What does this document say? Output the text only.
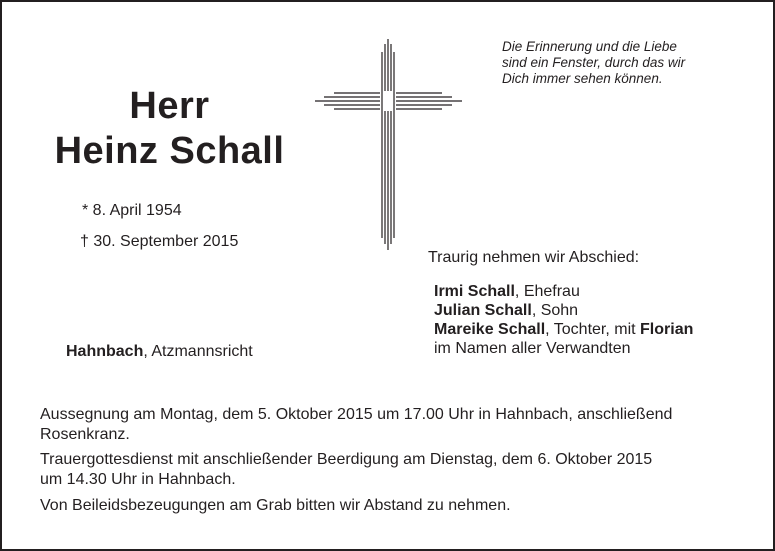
Herr
Heinz Schall
* 8. April 1954
† 30. September 2015
Hahnbach, Atzmannsricht
Die Erinnerung und die Liebe
sind ein Fenster, durch das wir
Dich immer sehen können.
Traurig nehmen wir Abschied:
Irmi Schall, Ehefrau
Julian Schall, Sohn
Mareike Schall, Tochter, mit Florian
im Namen aller Verwandten
Aussegnung am Montag, dem 5. Oktober 2015 um 17.00 Uhr in Hahnbach, anschließend
Rosenkranz.
Trauergottesdienst mit anschließender Beerdigung am Dienstag, dem 6. Oktober 2015
um 14.30 Uhr in Hahnbach.
Von Beileidsbezeugungen am Grab bitten wir Abstand zu nehmen.
